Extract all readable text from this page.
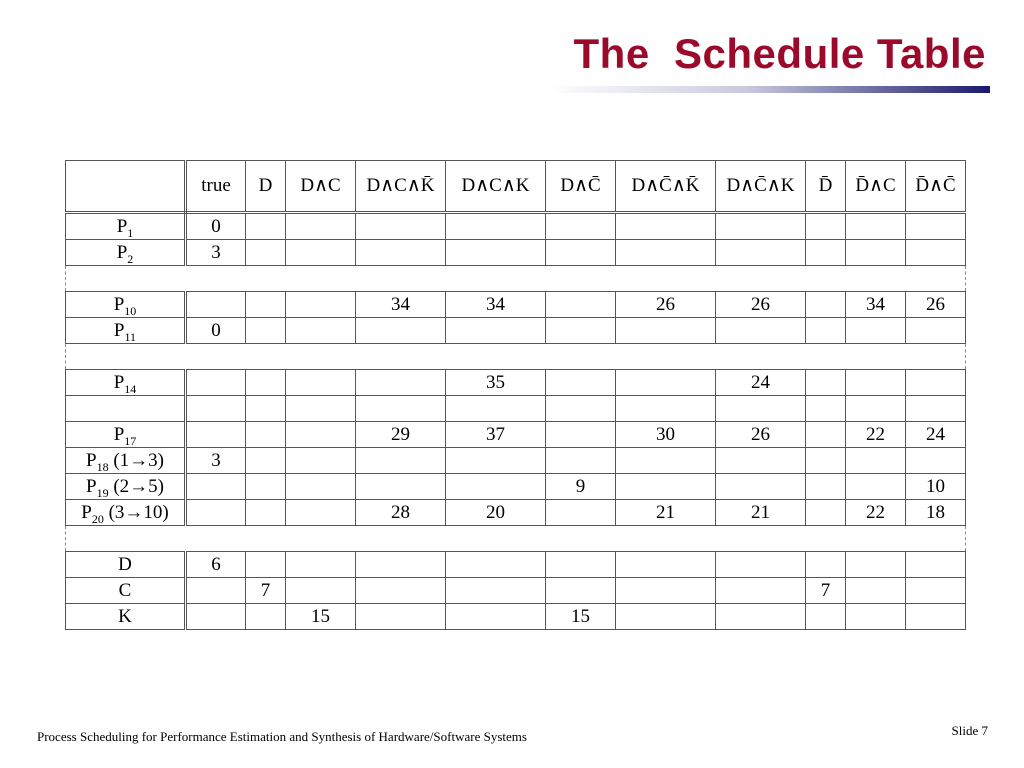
The  Schedule Table
	true	D	D∧C	D∧C∧K̄	D∧C∧K	D∧C̄	D∧C̄∧K̄	D∧C̄∧K	D̄	D̄∧C	D̄∧C̄
$P_1$	0										
$P_2$	3										

$P_{10}$				34	34		26	26		34	26
$P_{11}$	0										

$P_{14}$					35			24			

$P_{17}$				29	37		30	26		22	24
$P_{18}$ (1→3)	3										
$P_{19}$ (2→5)						9					10
$P_{20}$ (3→10)				28	20		21	21		22	18

D	6										
C		7							7		
K			15			15					
Process Scheduling for Performance Estimation and Synthesis of Hardware/Software Systems	Slide 7
